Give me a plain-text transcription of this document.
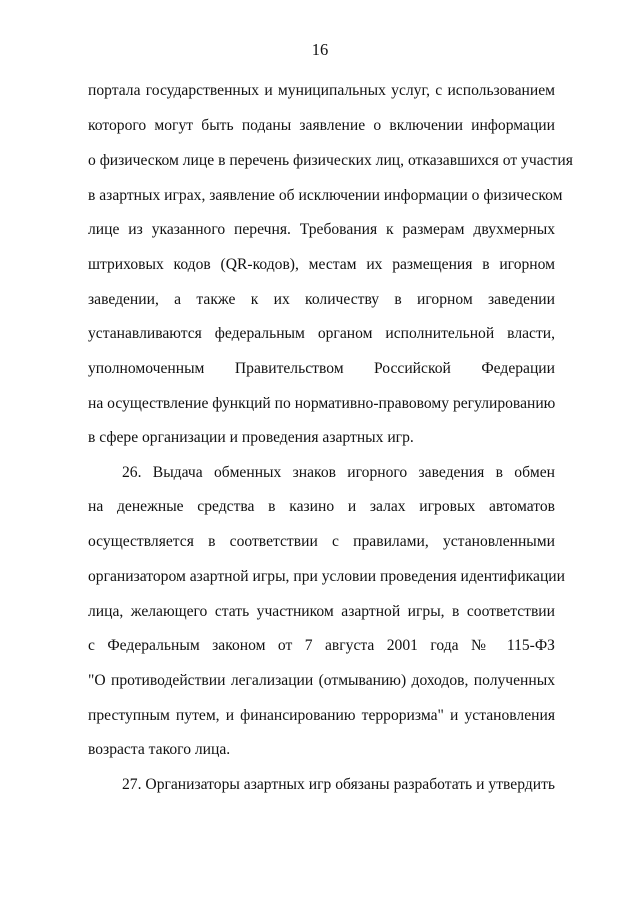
16
портала государственных и муниципальных услуг, с использованием
которого могут быть поданы заявление о включении информации
о физическом лице в перечень физических лиц, отказавшихся от участия
в азартных играх, заявление об исключении информации о физическом
лице из указанного перечня. Требования к размерам двухмерных
штриховых кодов (QR-кодов), местам их размещения в игорном
заведении, а также к их количеству в игорном заведении
устанавливаются федеральным органом исполнительной власти,
уполномоченным Правительством Российской Федерации
на осуществление функций по нормативно-правовому регулированию
в сфере организации и проведения азартных игр.
26. Выдача обменных знаков игорного заведения в обмен
на денежные средства в казино и залах игровых автоматов
осуществляется в соответствии с правилами, установленными
организатором азартной игры, при условии проведения идентификации
лица, желающего стать участником азартной игры, в соответствии
с Федеральным законом от 7 августа 2001 года № 115-ФЗ
"О противодействии легализации (отмыванию) доходов, полученных
преступным путем, и финансированию терроризма" и установления
возраста такого лица.
27. Организаторы азартных игр обязаны разработать и утвердить
